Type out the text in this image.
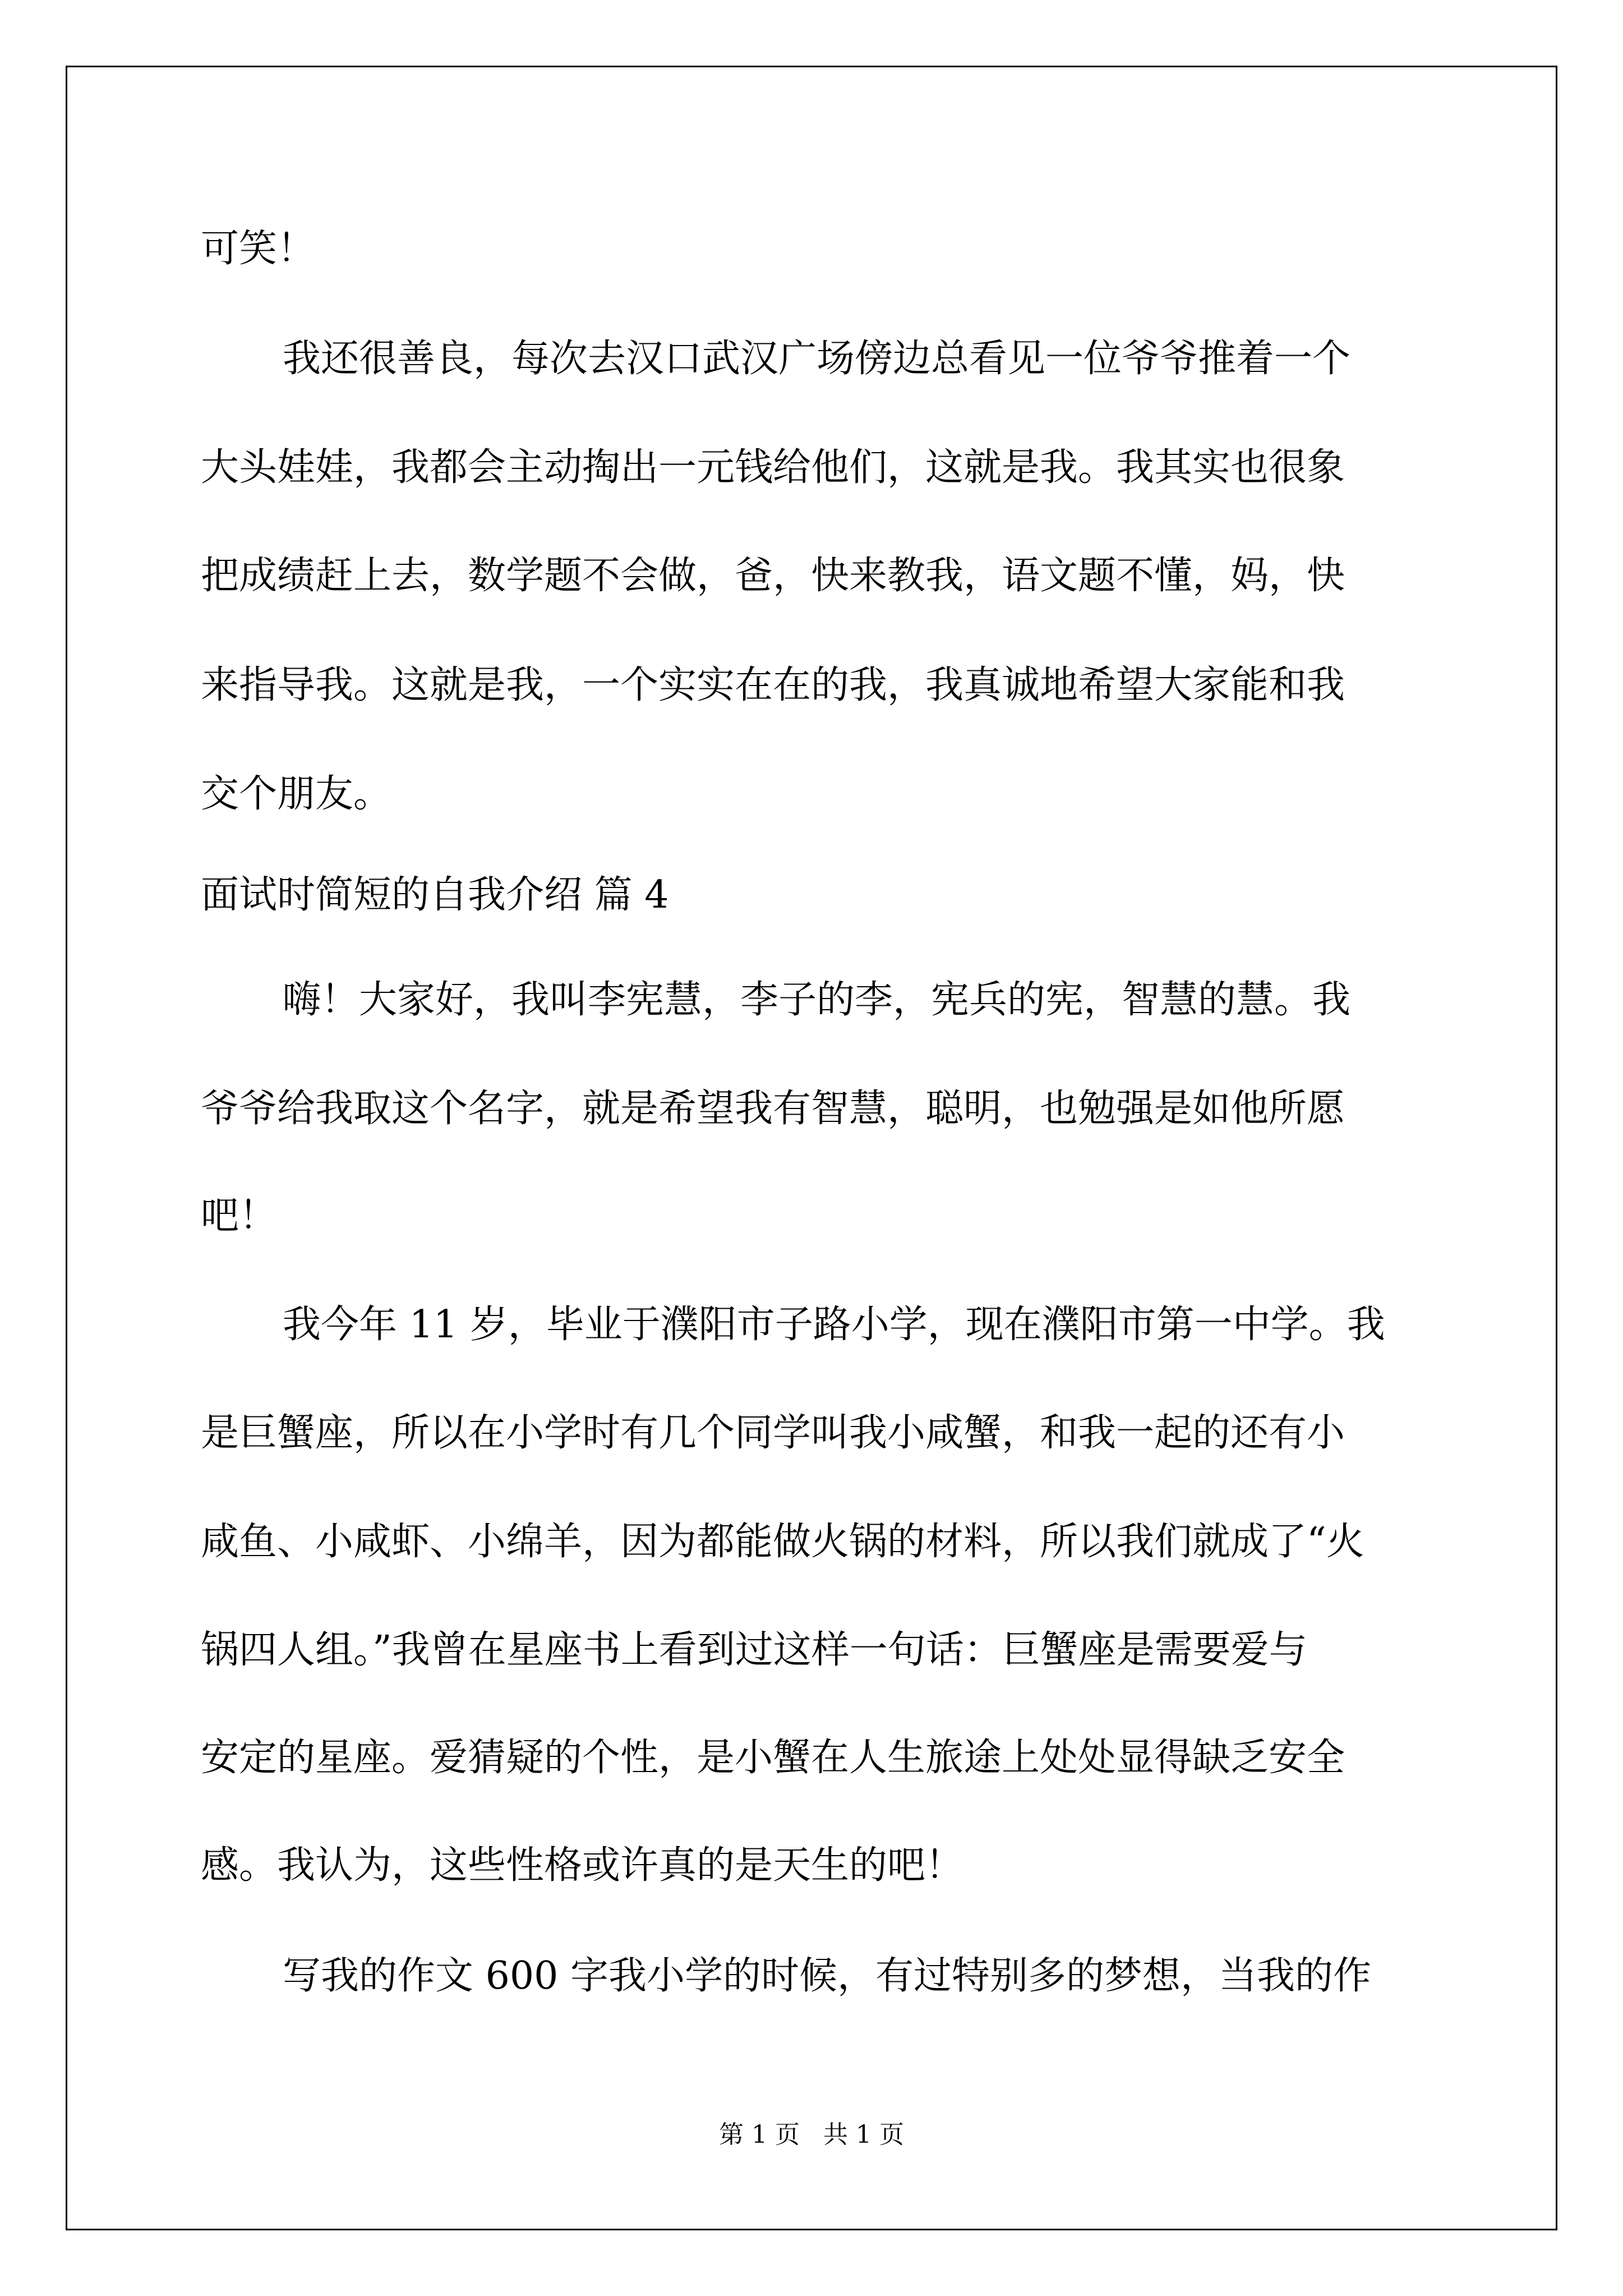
可笑！

我还很善良，每次去汉口武汉广场傍边总看见一位爷爷推着一个

大头娃娃，我都会主动掏出一元钱给他们，这就是我。我其实也很象

把成绩赶上去，数学题不会做，爸，快来教我，语文题不懂，妈，快

来指导我。这就是我，一个实实在在的我，我真诚地希望大家能和我

交个朋友。

面试时简短的自我介绍 篇 4

嗨！大家好，我叫李宪慧，李子的李，宪兵的宪，智慧的慧。我

爷爷给我取这个名字，就是希望我有智慧，聪明，也勉强是如他所愿

吧！

我今年 11 岁，毕业于濮阳市子路小学，现在濮阳市第一中学。我

是巨蟹座，所以在小学时有几个同学叫我小咸蟹，和我一起的还有小

咸鱼、小咸虾、小绵羊，因为都能做火锅的材料，所以我们就成了“火

锅四人组。”我曾在星座书上看到过这样一句话：巨蟹座是需要爱与

安定的星座。爱猜疑的个性，是小蟹在人生旅途上处处显得缺乏安全

感。我认为，这些性格或许真的是天生的吧！

写我的作文 600 字我小学的时候，有过特别多的梦想，当我的作

第 1 页   共 1 页
